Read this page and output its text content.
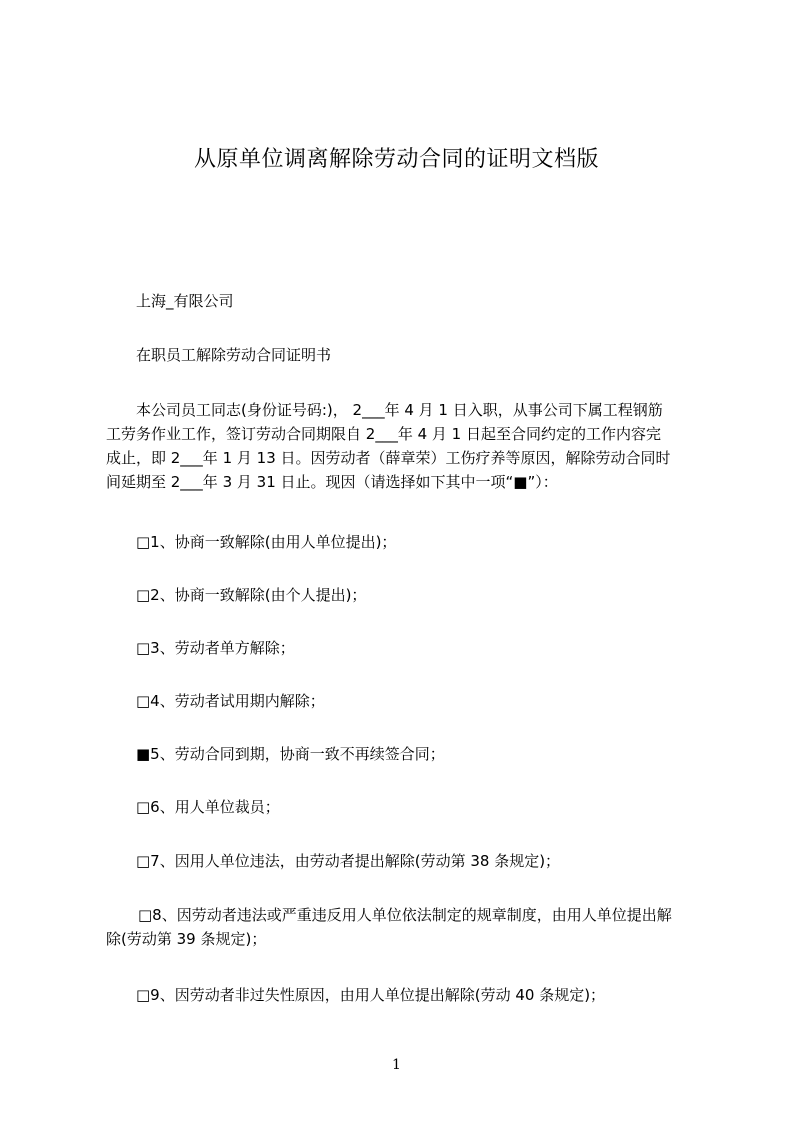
从原单位调离解除劳动合同的证明文档版
上海_有限公司
在职员工解除劳动合同证明书
本公司员工同志(身份证号码:)， 2___年 4 月 1 日入职，从事公司下属工程钢筋
工劳务作业工作，签订劳动合同期限自 2___年 4 月 1 日起至合同约定的工作内容完
成止，即 2___年 1 月 13 日。因劳动者（薛章荣）工伤疗养等原因，解除劳动合同时
间延期至 2___年 3 月 31 日止。现因（请选择如下其中一项“■”）：
□1、协商一致解除(由用人单位提出)；
□2、协商一致解除(由个人提出)；
□3、劳动者单方解除；
□4、劳动者试用期内解除；
■5、劳动合同到期，协商一致不再续签合同；
□6、用人单位裁员；
□7、因用人单位违法，由劳动者提出解除(劳动第 38 条规定)；
□8、因劳动者违法或严重违反用人单位依法制定的规章制度，由用人单位提出解
除(劳动第 39 条规定)；
□9、因劳动者非过失性原因，由用人单位提出解除(劳动 40 条规定)；
1
